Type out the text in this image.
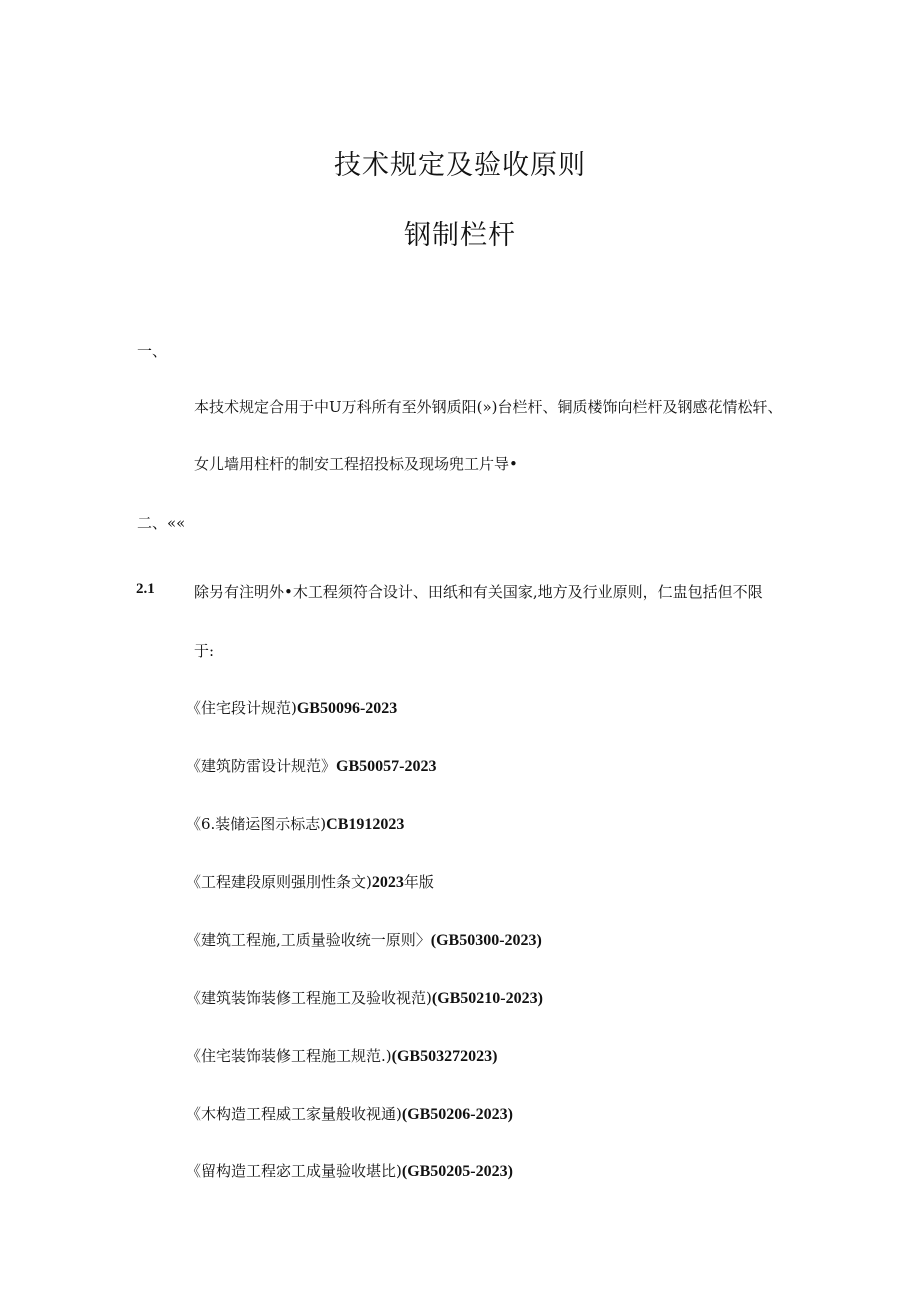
技术规定及验收原则
钢制栏杆
一、
本技术规定合用于中U万科所有至外钢质阳(»)台栏杆、铜质楼饰向栏杆及钢感花情松轩、
女儿墙用柱杆的制安工程招投标及现场兜工片导•
二、««
2.1	除另有注明外•木工程须符合设计、田纸和有关国家,地方及行业原则，仁盅包括但不限
于:
《住宅段计规范)GB50096-2023
《建筑防雷设计规范》GB50057-2023
《6.装储运图示标志)CB1912023
《工程建段原则强刖性条文)2023年版
《建筑工程施,工质量验收统一原则〉(GB50300-2023)
《建筑装饰装修工程施工及验收视范)(GB50210-2023)
《住宅装饰装修工程施工规范.)(GB503272023)
《木构造工程威工家量般收视通)(GB50206-2023)
《留构造工程宓工成量验收堪比)(GB50205-2023)
